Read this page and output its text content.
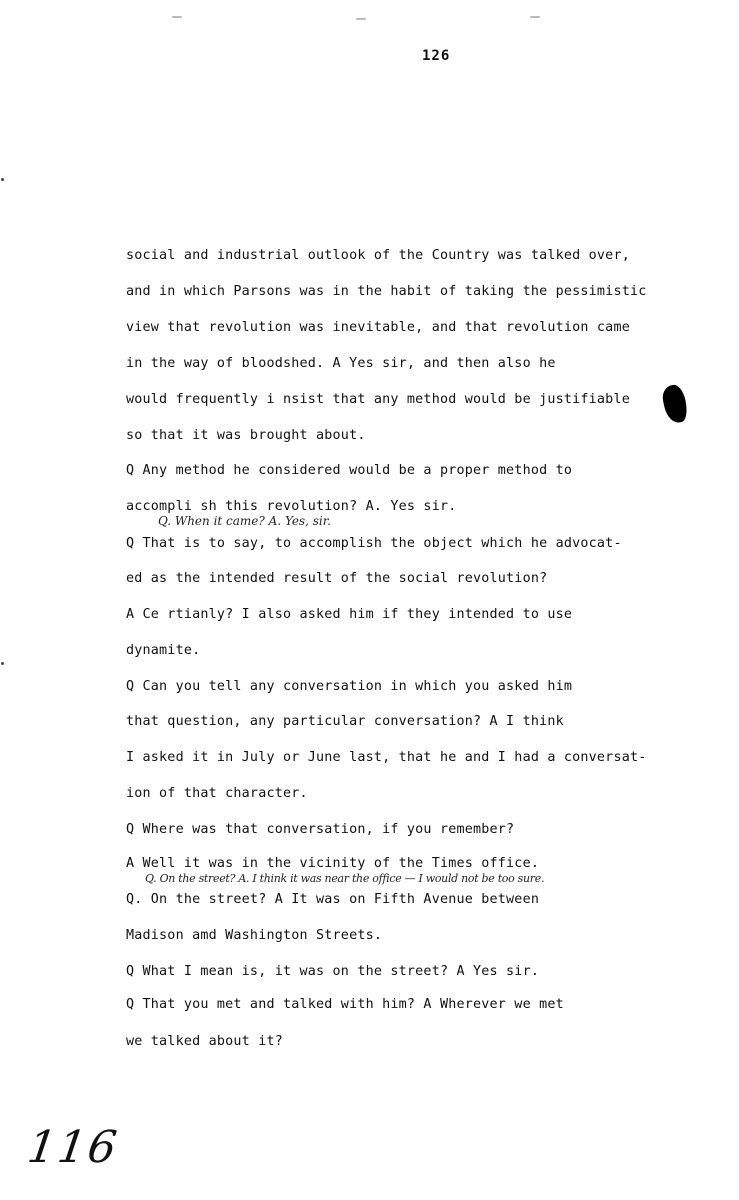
126
social and industrial outlook of the Country was talked over,
and in which Parsons was in the habit of taking the pessimistic
view that revolution was inevitable, and that revolution came
in the way of bloodshed. A Yes sir, and then also he
would frequently i nsist that any method would be justifiable
so that it was brought about.
Q Any method he considered would be a proper method to
accompli sh this revolution? A. Yes sir.
Q. When it came? A. Yes, sir.
Q That is to say, to accomplish the object which he advocat-
ed as the intended result of the social revolution?
A Ce rtianly? I also asked him if they intended to use
dynamite.
Q Can you tell any conversation in which you asked him
that question, any particular conversation? A I think
I asked it in July or June last, that he and I had a conversat-
ion of that character.
Q Where was that conversation, if you remember?
A Well it was in the vicinity of the Times office.
Q. On the street? A. I think it was near the office — I would not be too sure.
Q. On the street? A It was on Fifth Avenue between
Madison amd Washington Streets.
Q What I mean is, it was on the street? A Yes sir.
Q That you met and talked with him? A Wherever we met
we talked about it?
116
